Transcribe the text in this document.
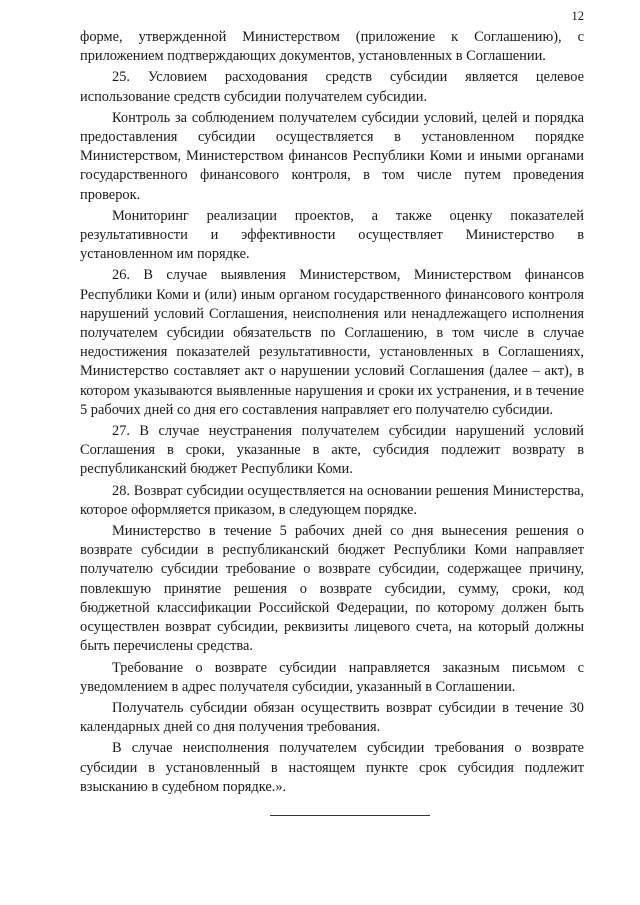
12

форме, утвержденной Министерством (приложение к Соглашению), с приложением подтверждающих документов, установленных в Соглашении.

25. Условием расходования средств субсидии является целевое использование средств субсидии получателем субсидии.

Контроль за соблюдением получателем субсидии условий, целей и порядка предоставления субсидии осуществляется в установленном порядке Министерством, Министерством финансов Республики Коми и иными органами государственного финансового контроля, в том числе путем проведения проверок.

Мониторинг реализации проектов, а также оценку показателей результативности и эффективности осуществляет Министерство в установленном им порядке.

26. В случае выявления Министерством, Министерством финансов Республики Коми и (или) иным органом государственного финансового контроля нарушений условий Соглашения, неисполнения или ненадлежащего исполнения получателем субсидии обязательств по Соглашению, в том числе в случае недостижения показателей результативности, установленных в Соглашениях, Министерство составляет акт о нарушении условий Соглашения (далее – акт), в котором указываются выявленные нарушения и сроки их устранения, и в течение 5 рабочих дней со дня его составления направляет его получателю субсидии.

27. В случае неустранения получателем субсидии нарушений условий Соглашения в сроки, указанные в акте, субсидия подлежит возврату в республиканский бюджет Республики Коми.

28. Возврат субсидии осуществляется на основании решения Министерства, которое оформляется приказом, в следующем порядке.

Министерство в течение 5 рабочих дней со дня вынесения решения о возврате субсидии в республиканский бюджет Республики Коми направляет получателю субсидии требование о возврате субсидии, содержащее причину, повлекшую принятие решения о возврате субсидии, сумму, сроки, код бюджетной классификации Российской Федерации, по которому должен быть осуществлен возврат субсидии, реквизиты лицевого счета, на который должны быть перечислены средства.

Требование о возврате субсидии направляется заказным письмом с уведомлением в адрес получателя субсидии, указанный в Соглашении.

Получатель субсидии обязан осуществить возврат субсидии в течение 30 календарных дней со дня получения требования.

В случае неисполнения получателем субсидии требования о возврате субсидии в установленный в настоящем пункте срок субсидия подлежит взысканию в судебном порядке.».
